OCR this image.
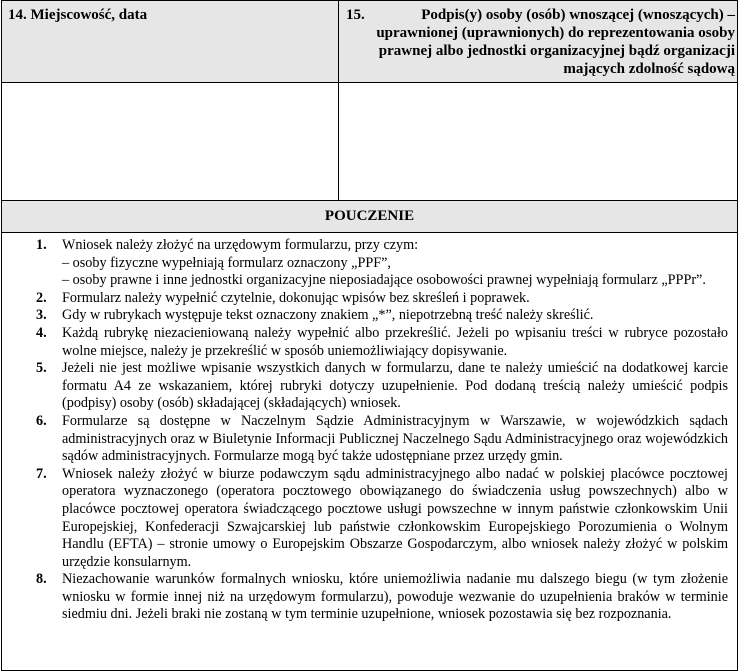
14. Miejscowość, data	15.	Podpis(y) osoby (osób) wnoszącej (wnoszących) – uprawnionej (uprawnionych) do reprezentowania osoby prawnej albo jednostki organizacyjnej bądź organizacji mających zdolność sądową
POUCZENIE
1. Wniosek należy złożyć na urzędowym formularzu, przy czym:
– osoby fizyczne wypełniają formularz oznaczony „PPF”,
– osoby prawne i inne jednostki organizacyjne nieposiadające osobowości prawnej wypełniają formularz „PPPr”.
2. Formularz należy wypełnić czytelnie, dokonując wpisów bez skreśleń i poprawek.
3. Gdy w rubrykach występuje tekst oznaczony znakiem „*”, niepotrzebną treść należy skreślić.
4. Każdą rubrykę niezacieniowaną należy wypełnić albo przekreślić. Jeżeli po wpisaniu treści w rubryce pozostało wolne miejsce, należy je przekreślić w sposób uniemożliwiający dopisywanie.
5. Jeżeli nie jest możliwe wpisanie wszystkich danych w formularzu, dane te należy umieścić na dodatkowej karcie formatu A4 ze wskazaniem, której rubryki dotyczy uzupełnienie. Pod dodaną treścią należy umieścić podpis (podpisy) osoby (osób) składającej (składających) wniosek.
6. Formularze są dostępne w Naczelnym Sądzie Administracyjnym w Warszawie, w wojewódzkich sądach administracyjnych oraz w Biuletynie Informacji Publicznej Naczelnego Sądu Administracyjnego oraz wojewódzkich sądów administracyjnych. Formularze mogą być także udostępniane przez urzędy gmin.
7. Wniosek należy złożyć w biurze podawczym sądu administracyjnego albo nadać w polskiej placówce pocztowej operatora wyznaczonego (operatora pocztowego obowiązanego do świadczenia usług powszechnych) albo w placówce pocztowej operatora świadczącego pocztowe usługi powszechne w innym państwie członkowskim Unii Europejskiej, Konfederacji Szwajcarskiej lub państwie członkowskim Europejskiego Porozumienia o Wolnym Handlu (EFTA) – stronie umowy o Europejskim Obszarze Gospodarczym, albo wniosek należy złożyć w polskim urzędzie konsularnym.
8. Niezachowanie warunków formalnych wniosku, które uniemożliwia nadanie mu dalszego biegu (w tym złożenie wniosku w formie innej niż na urzędowym formularzu), powoduje wezwanie do uzupełnienia braków w terminie siedmiu dni. Jeżeli braki nie zostaną w tym terminie uzupełnione, wniosek pozostawia się bez rozpoznania.
